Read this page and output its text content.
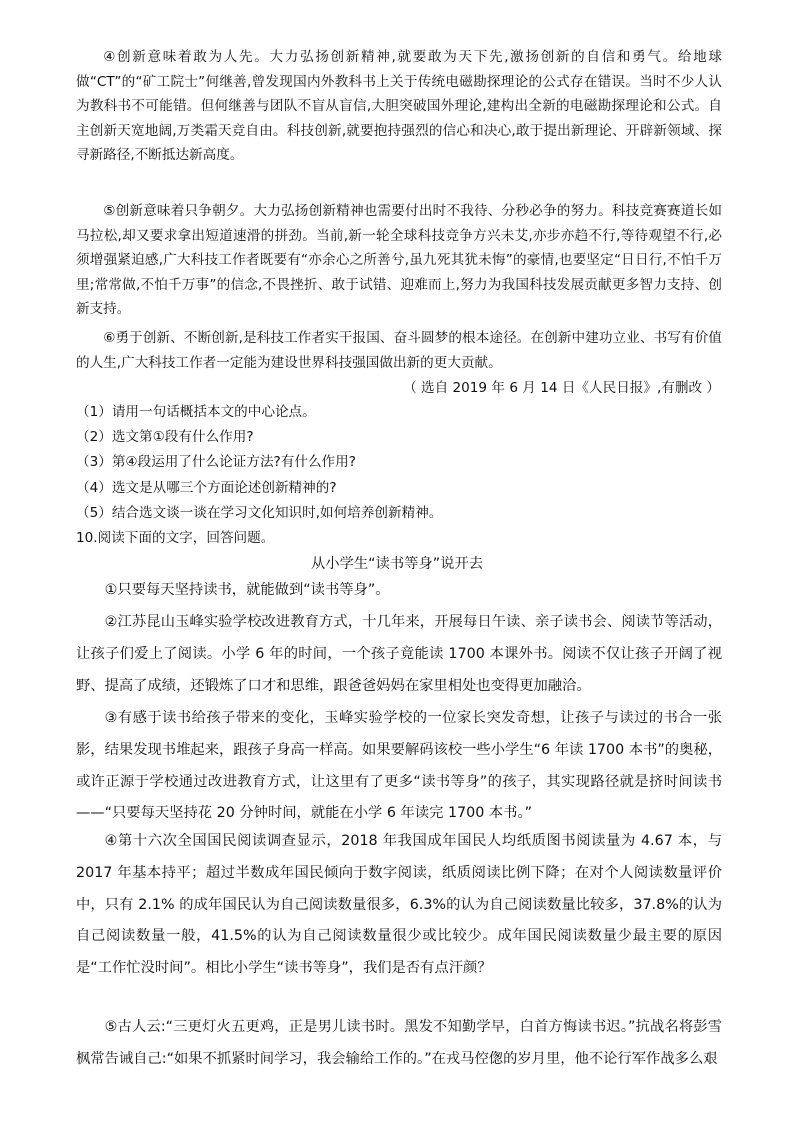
④创新意味着敢为人先。大力弘扬创新精神,就要敢为天下先,激扬创新的自信和勇气。给地球做“CT”的“矿工院士”何继善,曾发现国内外教科书上关于传统电磁勘探理论的公式存在错误。当时不少人认为教科书不可能错。但何继善与团队不盲从盲信,大胆突破国外理论,建构出全新的电磁勘探理论和公式。自主创新天宽地阔,万类霜天竞自由。科技创新,就要抱持强烈的信心和决心,敢于提出新理论、开辟新领域、探寻新路径,不断抵达新高度。

⑤创新意味着只争朝夕。大力弘扬创新精神也需要付出时不我待、分秒必争的努力。科技竞赛赛道长如马拉松,却又要求拿出短道速滑的拼劲。当前,新一轮全球科技竞争方兴未艾,亦步亦趋不行,等待观望不行,必须增强紧迫感,广大科技工作者既要有“亦余心之所善兮,虽九死其犹未悔”的豪情,也要坚定“日日行,不怕千万里;常常做,不怕千万事”的信念,不畏挫折、敢于试错、迎难而上,努力为我国科技发展贡献更多智力支持、创新支持。

⑥勇于创新、不断创新,是科技工作者实干报国、奋斗圆梦的根本途径。在创新中建功立业、书写有价值的人生,广大科技工作者一定能为建设世界科技强国做出新的更大贡献。

（ 选自 2019 年 6 月 14 日《人民日报》,有删改 ）

（1）请用一句话概括本文的中心论点。

（2）选文第①段有什么作用?

（3）第④段运用了什么论证方法?有什么作用?

（4）选文是从哪三个方面论述创新精神的?

（5）结合选文谈一谈在学习文化知识时,如何培养创新精神。

10.阅读下面的文字，回答问题。

从小学生“读书等身”说开去

①只要每天坚持读书，就能做到“读书等身”。

②江苏昆山玉峰实验学校改进教育方式，十几年来，开展每日午读、亲子读书会、阅读节等活动，让孩子们爱上了阅读。小学 6 年的时间，一个孩子竟能读 1700 本课外书。阅读不仅让孩子开阔了视野、提高了成绩，还锻炼了口才和思维，跟爸爸妈妈在家里相处也变得更加融洽。

③有感于读书给孩子带来的变化，玉峰实验学校的一位家长突发奇想，让孩子与读过的书合一张影，结果发现书堆起来，跟孩子身高一样高。如果要解码该校一些小学生“6 年读 1700 本书”的奥秘，或许正源于学校通过改进教育方式，让这里有了更多“读书等身”的孩子，其实现路径就是挤时间读书——“只要每天坚持花 20 分钟时间，就能在小学 6 年读完 1700 本书。”

④第十六次全国国民阅读调查显示，2018 年我国成年国民人均纸质图书阅读量为 4.67 本，与 2017 年基本持平；超过半数成年国民倾向于数字阅读，纸质阅读比例下降；在对个人阅读数量评价中，只有 2.1% 的成年国民认为自己阅读数量很多，6.3%的认为自己阅读数量比较多，37.8%的认为自己阅读数量一般，41.5%的认为自己阅读数量很少或比较少。成年国民阅读数量少最主要的原因是“工作忙没时间”。相比小学生“读书等身”，我们是否有点汗颜？

⑤古人云:“三更灯火五更鸡，正是男儿读书时。黑发不知勤学早，白首方悔读书迟。”抗战名将彭雪枫常告诫自己:“如果不抓紧时间学习，我会输给工作的。”在戎马倥偬的岁月里，他不论行军作战多么艰
